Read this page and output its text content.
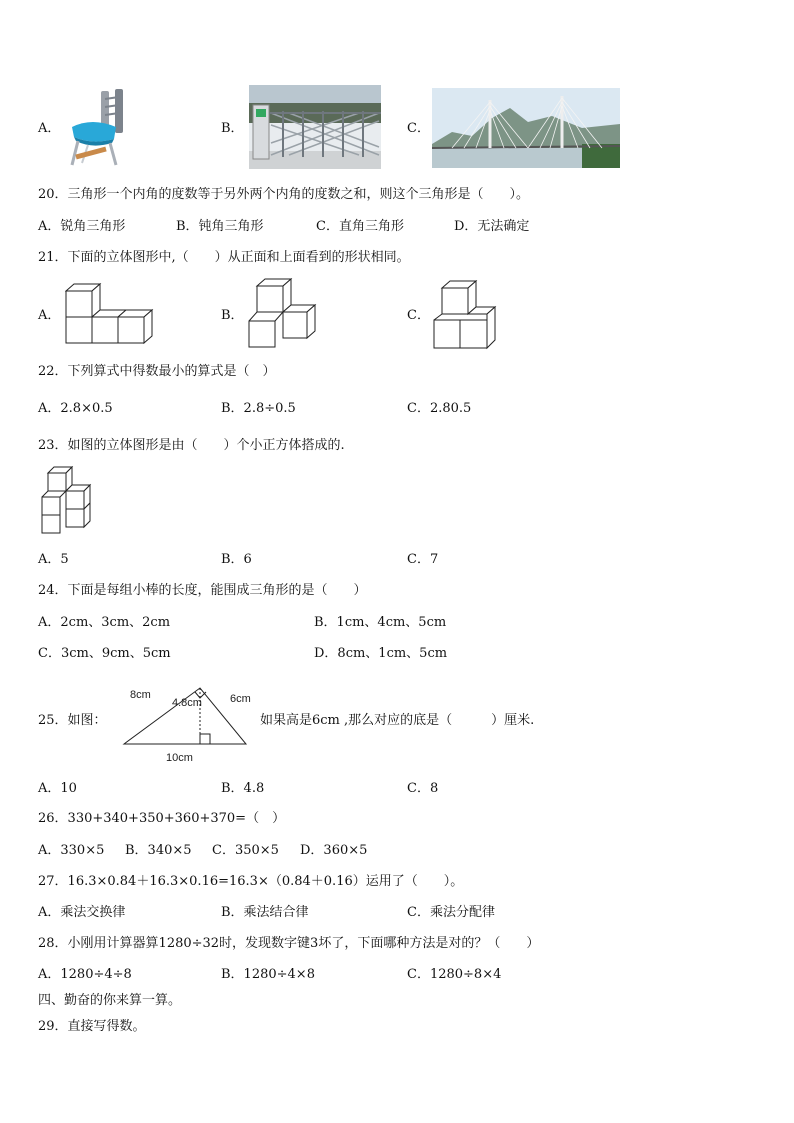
A．	B．	C．
20．三角形一个内角的度数等于另外两个内角的度数之和，则这个三角形是（　　）。
A．锐角三角形	B．钝角三角形	C．直角三角形	D．无法确定
21．下面的立体图形中,（　　）从正面和上面看到的形状相同。
A．	B．	C．
22．下列算式中得数最小的算式是（　）
A．2.8×0.5	B．2.8÷0.5	C．2.80.5
23．如图的立体图形是由（　　）个小正方体搭成的.
A．5	B．6	C．7
24．下面是每组小棒的长度，能围成三角形的是（　　）
A．2cm、3cm、2cm	B．1cm、4cm、5cm
C．3cm、9cm、5cm	D．8cm、1cm、5cm
25．如图：
8cm
4.8cm	6cm
10cm
如果高是6cm ,那么对应的底是（　　　）厘米.
A．10	B．4.8	C．8
26．330+340+350+360+370=（　）
A．330×5 B．340×5 C．350×5 D．360×5
27．16.3×0.84＋16.3×0.16=16.3×（0.84＋0.16）运用了（　　）。
A．乘法交换律	B．乘法结合律	C．乘法分配律
28．小刚用计算器算1280÷32时，发现数字键3坏了，下面哪种方法是对的？（　　）
A．1280÷4÷8	B．1280÷4×8	C．1280÷8×4
四、勤奋的你来算一算。
29．直接写得数。
